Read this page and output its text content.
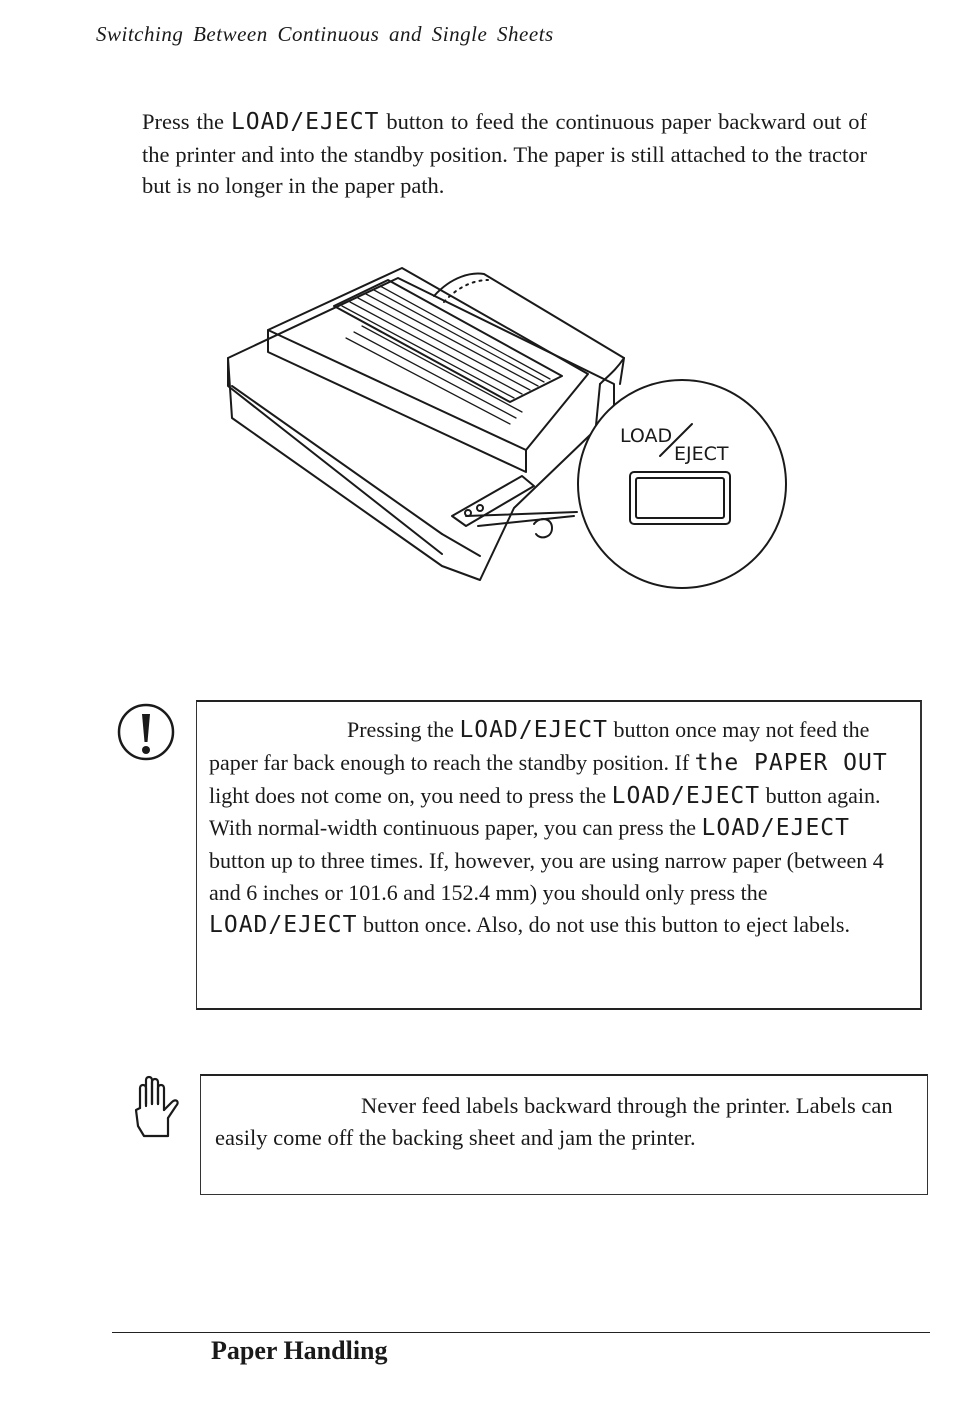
Switching Between Continuous and Single Sheets
Press the LOAD/EJECT button to feed the continuous paper backward out of the printer and into the standby position. The paper is still attached to the tractor but is no longer in the paper path.
LOAD
EJECT

Pressing the LOAD/EJECT button once may not feed the paper far back enough to reach the standby position. If the PAPER OUT light does not come on, you need to press the LOAD/EJECT button again. With normal-width continuous paper, you can press the LOAD/EJECT button up to three times. If, however, you are using narrow paper (between 4 and 6 inches or 101.6 and 152.4 mm) you should only press the LOAD/EJECT button once. Also, do not use this button to eject labels.

Never feed labels backward through the printer. Labels can easily come off the backing sheet and jam the printer.

Paper Handling
